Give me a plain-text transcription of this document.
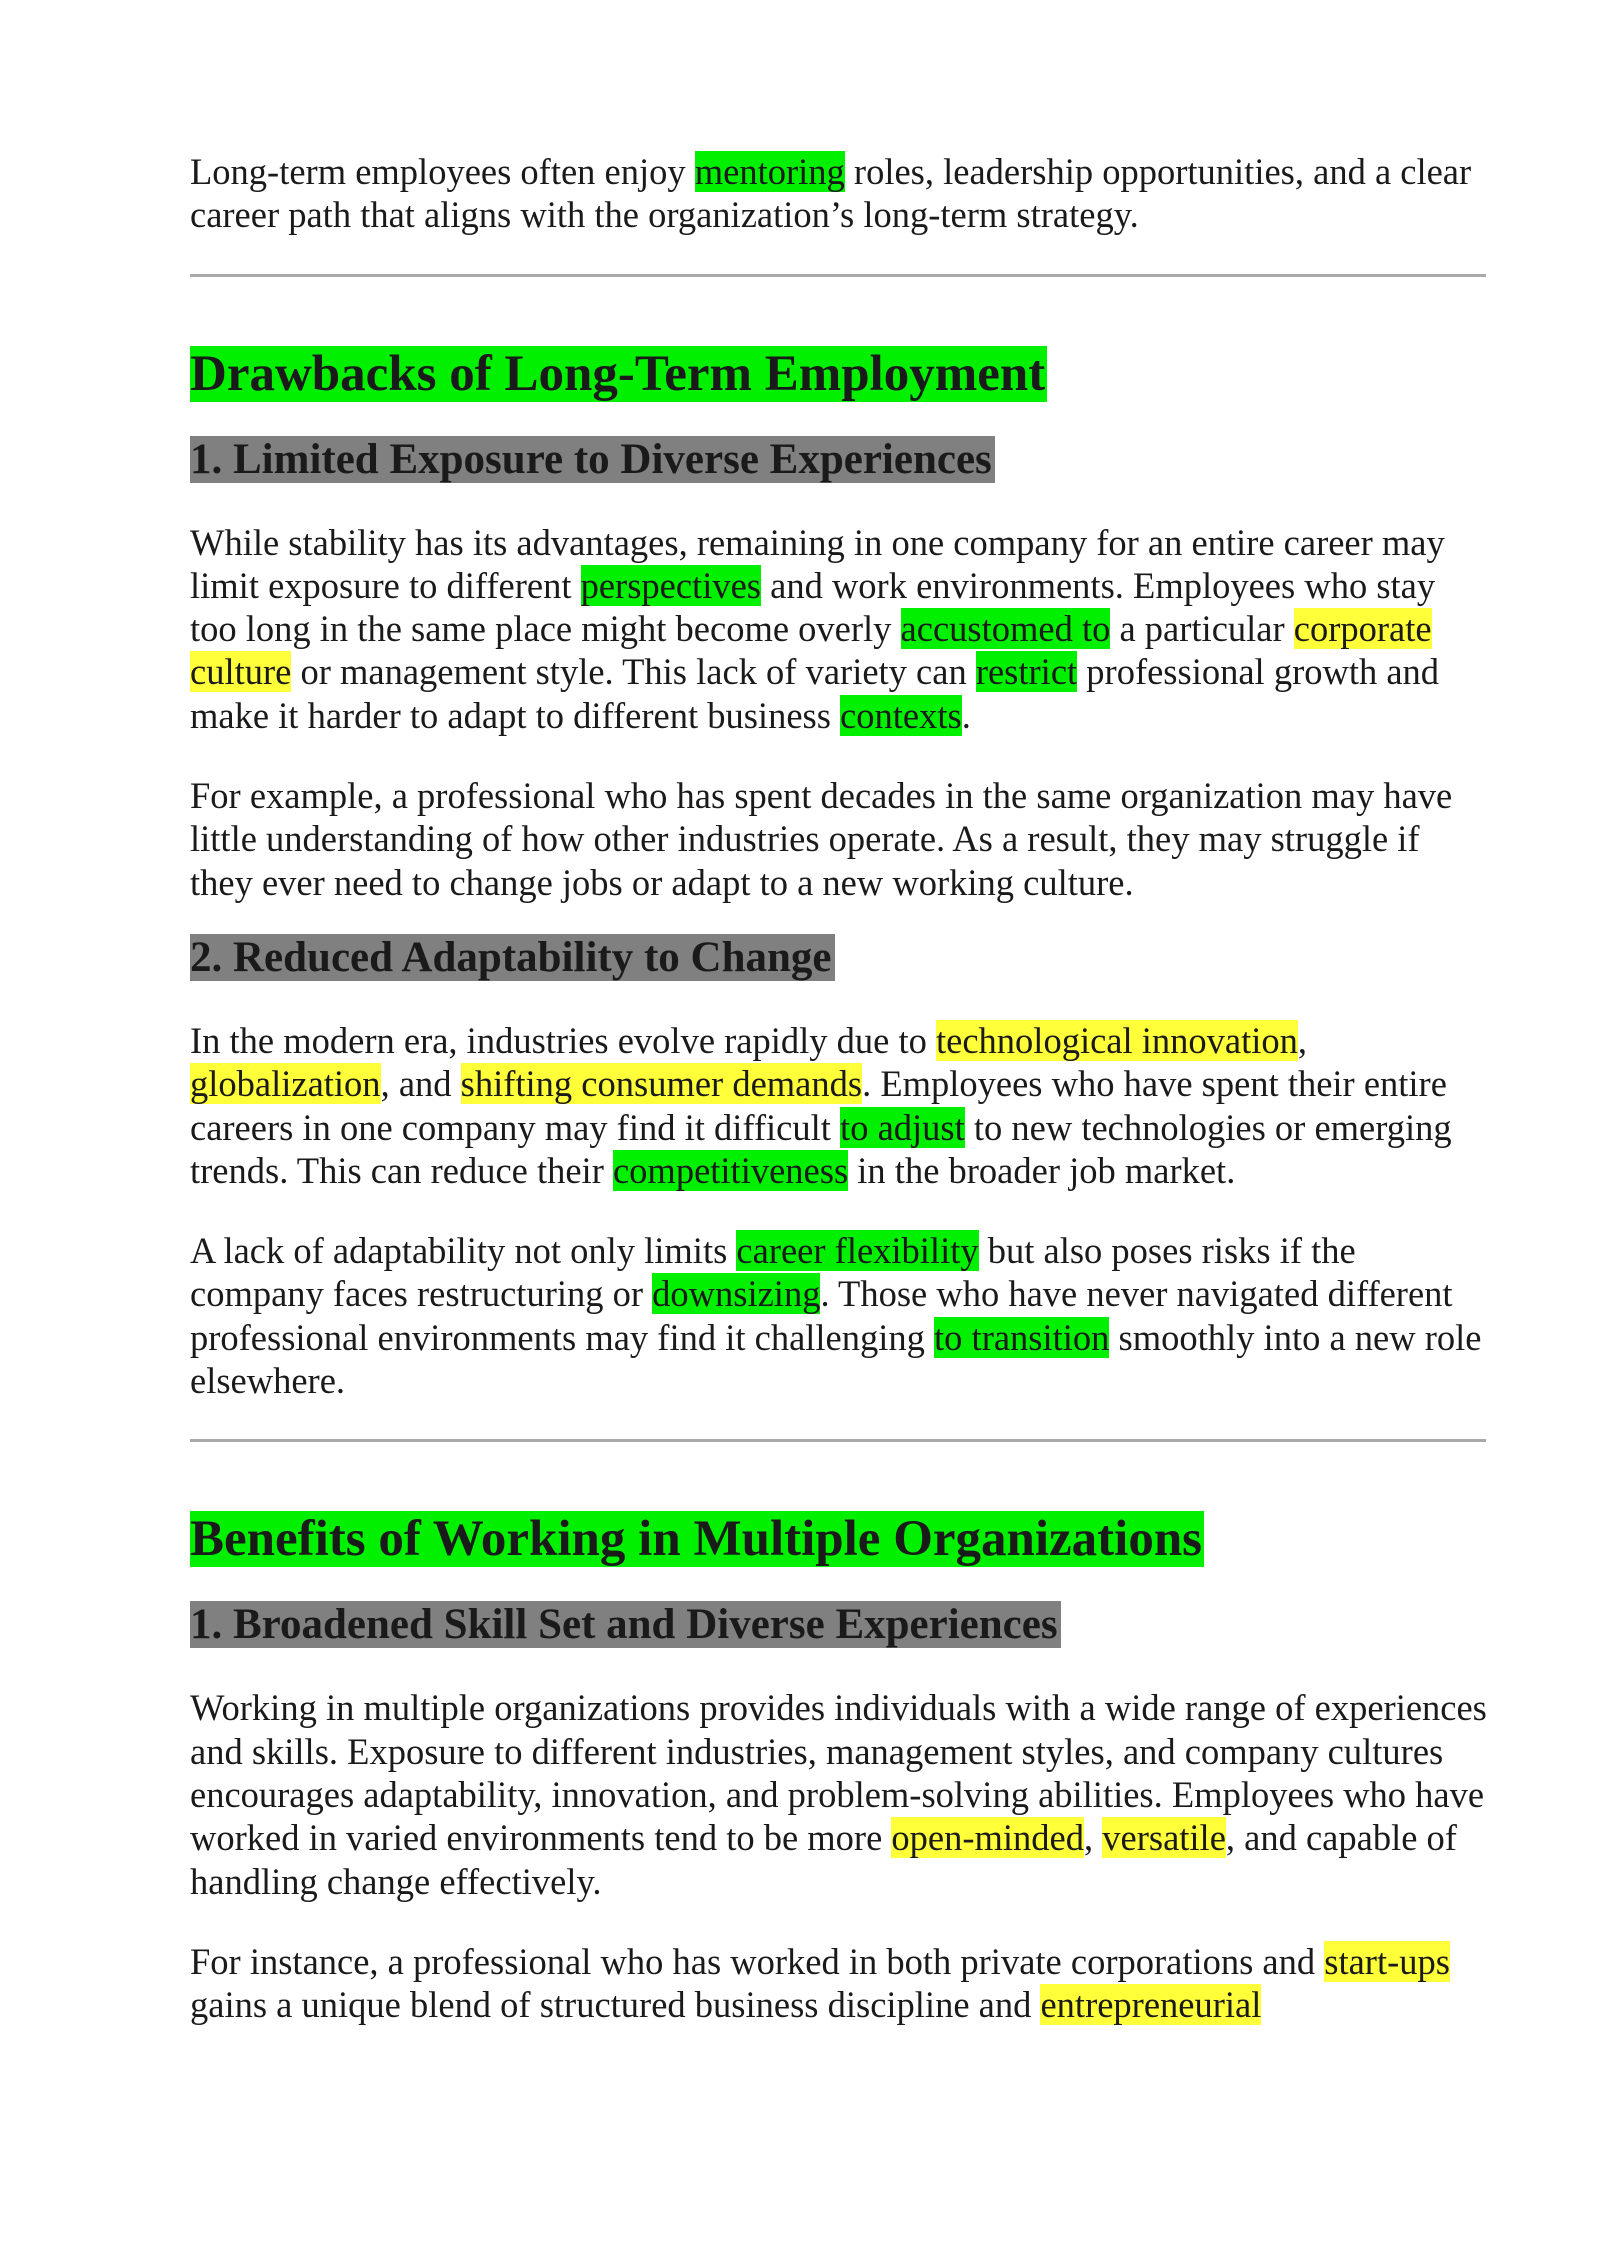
Long-term employees often enjoy mentoring roles, leadership opportunities, and a clear career path that aligns with the organization’s long-term strategy.

Drawbacks of Long-Term Employment
1. Limited Exposure to Diverse Experiences

While stability has its advantages, remaining in one company for an entire career may limit exposure to different perspectives and work environments. Employees who stay too long in the same place might become overly accustomed to a particular corporate culture or management style. This lack of variety can restrict professional growth and make it harder to adapt to different business contexts.

For example, a professional who has spent decades in the same organization may have little understanding of how other industries operate. As a result, they may struggle if they ever need to change jobs or adapt to a new working culture.

2. Reduced Adaptability to Change

In the modern era, industries evolve rapidly due to technological innovation, globalization, and shifting consumer demands. Employees who have spent their entire careers in one company may find it difficult to adjust to new technologies or emerging trends. This can reduce their competitiveness in the broader job market.

A lack of adaptability not only limits career flexibility but also poses risks if the company faces restructuring or downsizing. Those who have never navigated different professional environments may find it challenging to transition smoothly into a new role elsewhere.

Benefits of Working in Multiple Organizations
1. Broadened Skill Set and Diverse Experiences

Working in multiple organizations provides individuals with a wide range of experiences and skills. Exposure to different industries, management styles, and company cultures encourages adaptability, innovation, and problem-solving abilities. Employees who have worked in varied environments tend to be more open-minded, versatile, and capable of handling change effectively.

For instance, a professional who has worked in both private corporations and start-ups gains a unique blend of structured business discipline and entrepreneurial
